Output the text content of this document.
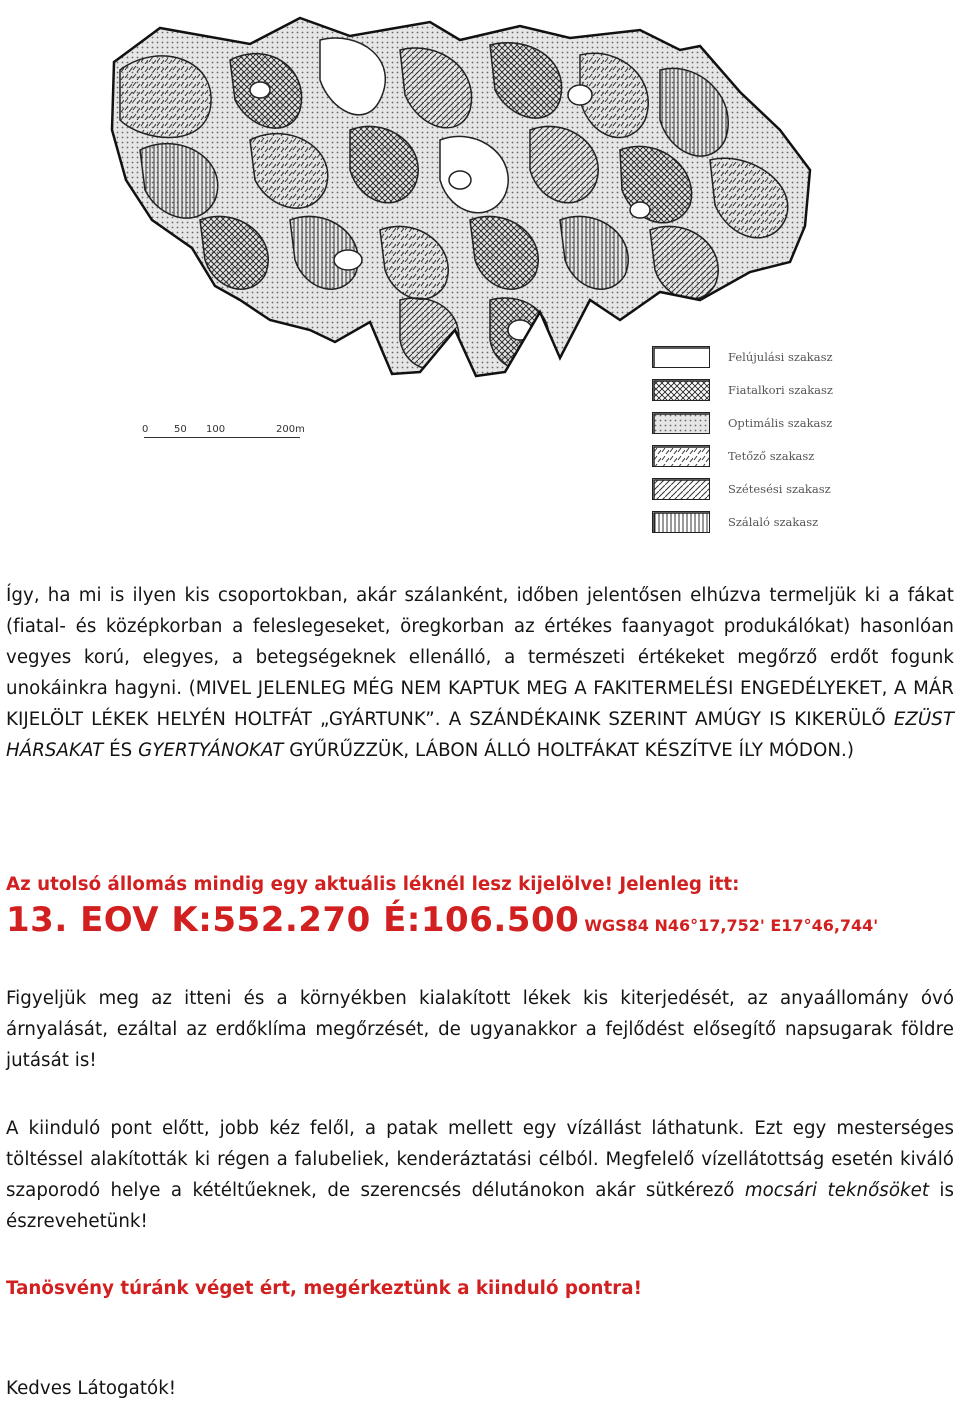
0	50 100	200m
Felújulási szakasz
Fiatalkori szakasz
Optimális szakasz
Tetőző szakasz
Szétesési szakasz
Szálaló szakasz
Így, ha mi is ilyen kis csoportokban, akár szálanként, időben jelentősen elhúzva termeljük ki a fákat (fiatal- és középkorban a feleslegeseket, öregkorban az értékes faanyagot produkálókat) hasonlóan vegyes korú, elegyes, a betegségeknek ellenálló, a természeti értékeket megőrző erdőt fogunk unokáinkra hagyni. (MIVEL JELENLEG MÉG NEM KAPTUK MEG A FAKITERMELÉSI ENGEDÉLYEKET, A MÁR KIJELÖLT LÉKEK HELYÉN HOLTFÁT „GYÁRTUNK”. A SZÁNDÉKAINK SZERINT AMÚGY IS KIKERÜLŐ EZÜST HÁRSAKAT ÉS GYERTYÁNOKAT GYŰRŰZZÜK, LÁBON ÁLLÓ HOLTFÁKAT KÉSZÍTVE ÍLY MÓDON.)
Az utolsó állomás mindig egy aktuális léknél lesz kijelölve! Jelenleg itt:
13. EOV K:552.270 É:106.500 WGS84 N46°17,752' E17°46,744'
Figyeljük meg az itteni és a környékben kialakított lékek kis kiterjedését, az anyaállomány óvó árnyalását, ezáltal az erdőklíma megőrzését, de ugyanakkor a fejlődést elősegítő napsugarak földre jutását is!
A kiinduló pont előtt, jobb kéz felől, a patak mellett egy vízállást láthatunk. Ezt egy mesterséges töltéssel alakították ki régen a falubeliek, kenderáztatási célból. Megfelelő vízellátottság esetén kiváló szaporodó helye a kétéltűeknek, de szerencsés délutánokon akár sütkérező mocsári teknősöket is észrevehetünk!
Tanösvény túránk véget ért, megérkeztünk a kiinduló pontra!
Kedves Látogatók!
